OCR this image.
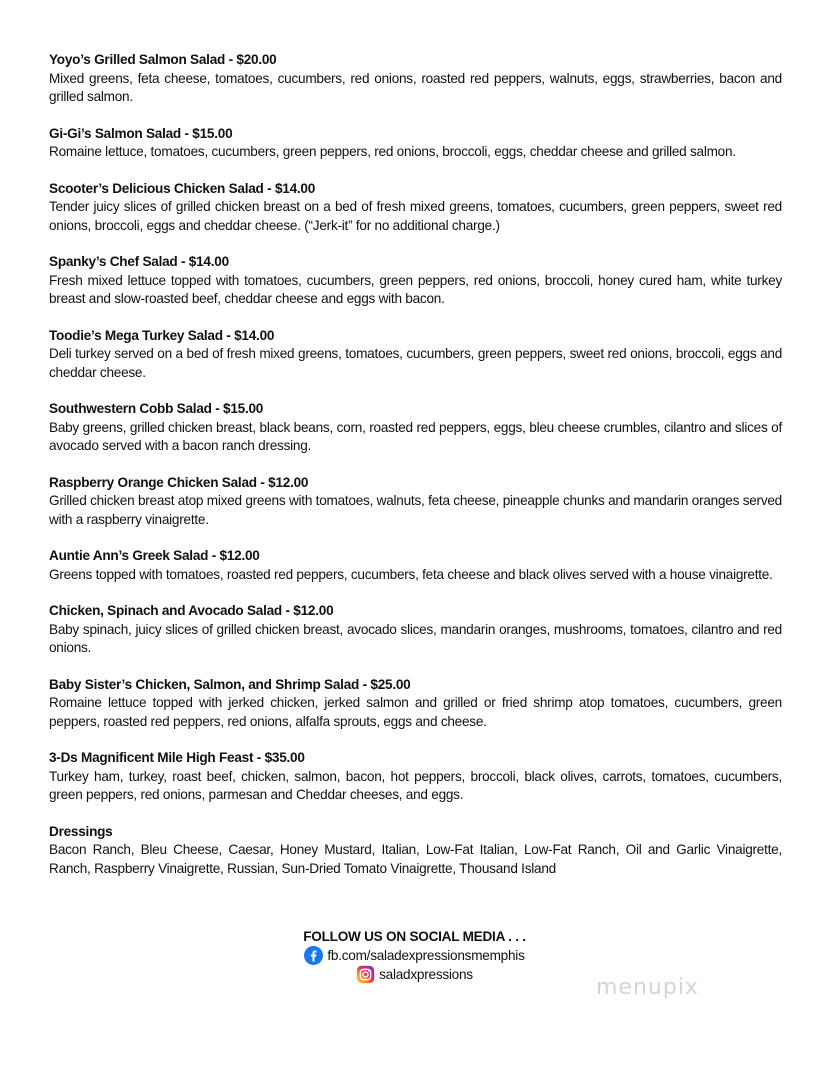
Yoyo’s Grilled Salmon Salad - $20.00
Mixed greens, feta cheese, tomatoes, cucumbers, red onions, roasted red peppers, walnuts, eggs, strawberries, bacon and grilled salmon.
Gi-Gi’s Salmon Salad - $15.00
Romaine lettuce, tomatoes, cucumbers, green peppers, red onions, broccoli, eggs, cheddar cheese and grilled salmon.
Scooter’s Delicious Chicken Salad - $14.00
Tender juicy slices of grilled chicken breast on a bed of fresh mixed greens, tomatoes, cucumbers, green peppers, sweet red onions, broccoli, eggs and cheddar cheese. (“Jerk-it” for no additional charge.)
Spanky’s Chef Salad - $14.00
Fresh mixed lettuce topped with tomatoes, cucumbers, green peppers, red onions, broccoli, honey cured ham, white turkey breast and slow-roasted beef, cheddar cheese and eggs with bacon.
Toodie’s Mega Turkey Salad - $14.00
Deli turkey served on a bed of fresh mixed greens, tomatoes, cucumbers, green peppers, sweet red onions, broccoli, eggs and cheddar cheese.
Southwestern Cobb Salad - $15.00
Baby greens, grilled chicken breast, black beans, corn, roasted red peppers, eggs, bleu cheese crumbles, cilantro and slices of avocado served with a bacon ranch dressing.
Raspberry Orange Chicken Salad - $12.00
Grilled chicken breast atop mixed greens with tomatoes, walnuts, feta cheese, pineapple chunks and mandarin oranges served with a raspberry vinaigrette.
Auntie Ann’s Greek Salad - $12.00
Greens topped with tomatoes, roasted red peppers, cucumbers, feta cheese and black olives served with a house vinaigrette.
Chicken, Spinach and Avocado Salad - $12.00
Baby spinach, juicy slices of grilled chicken breast, avocado slices, mandarin oranges, mushrooms, tomatoes, cilantro and red onions.
Baby Sister’s Chicken, Salmon, and Shrimp Salad - $25.00
Romaine lettuce topped with jerked chicken, jerked salmon and grilled or fried shrimp atop tomatoes, cucumbers, green peppers, roasted red peppers, red onions, alfalfa sprouts, eggs and cheese.
3-Ds Magnificent Mile High Feast - $35.00
Turkey ham, turkey, roast beef, chicken, salmon, bacon, hot peppers, broccoli, black olives, carrots, tomatoes, cucumbers, green peppers, red onions, parmesan and Cheddar cheeses, and eggs.
Dressings
Bacon Ranch, Bleu Cheese, Caesar, Honey Mustard, Italian, Low-Fat Italian, Low-Fat Ranch, Oil and Garlic Vinaigrette, Ranch, Raspberry Vinaigrette, Russian, Sun-Dried Tomato Vinaigrette, Thousand Island
FOLLOW US ON SOCIAL MEDIA . . .
fb.com/saladexpressionsmemphis
saladxpressions
menupix
